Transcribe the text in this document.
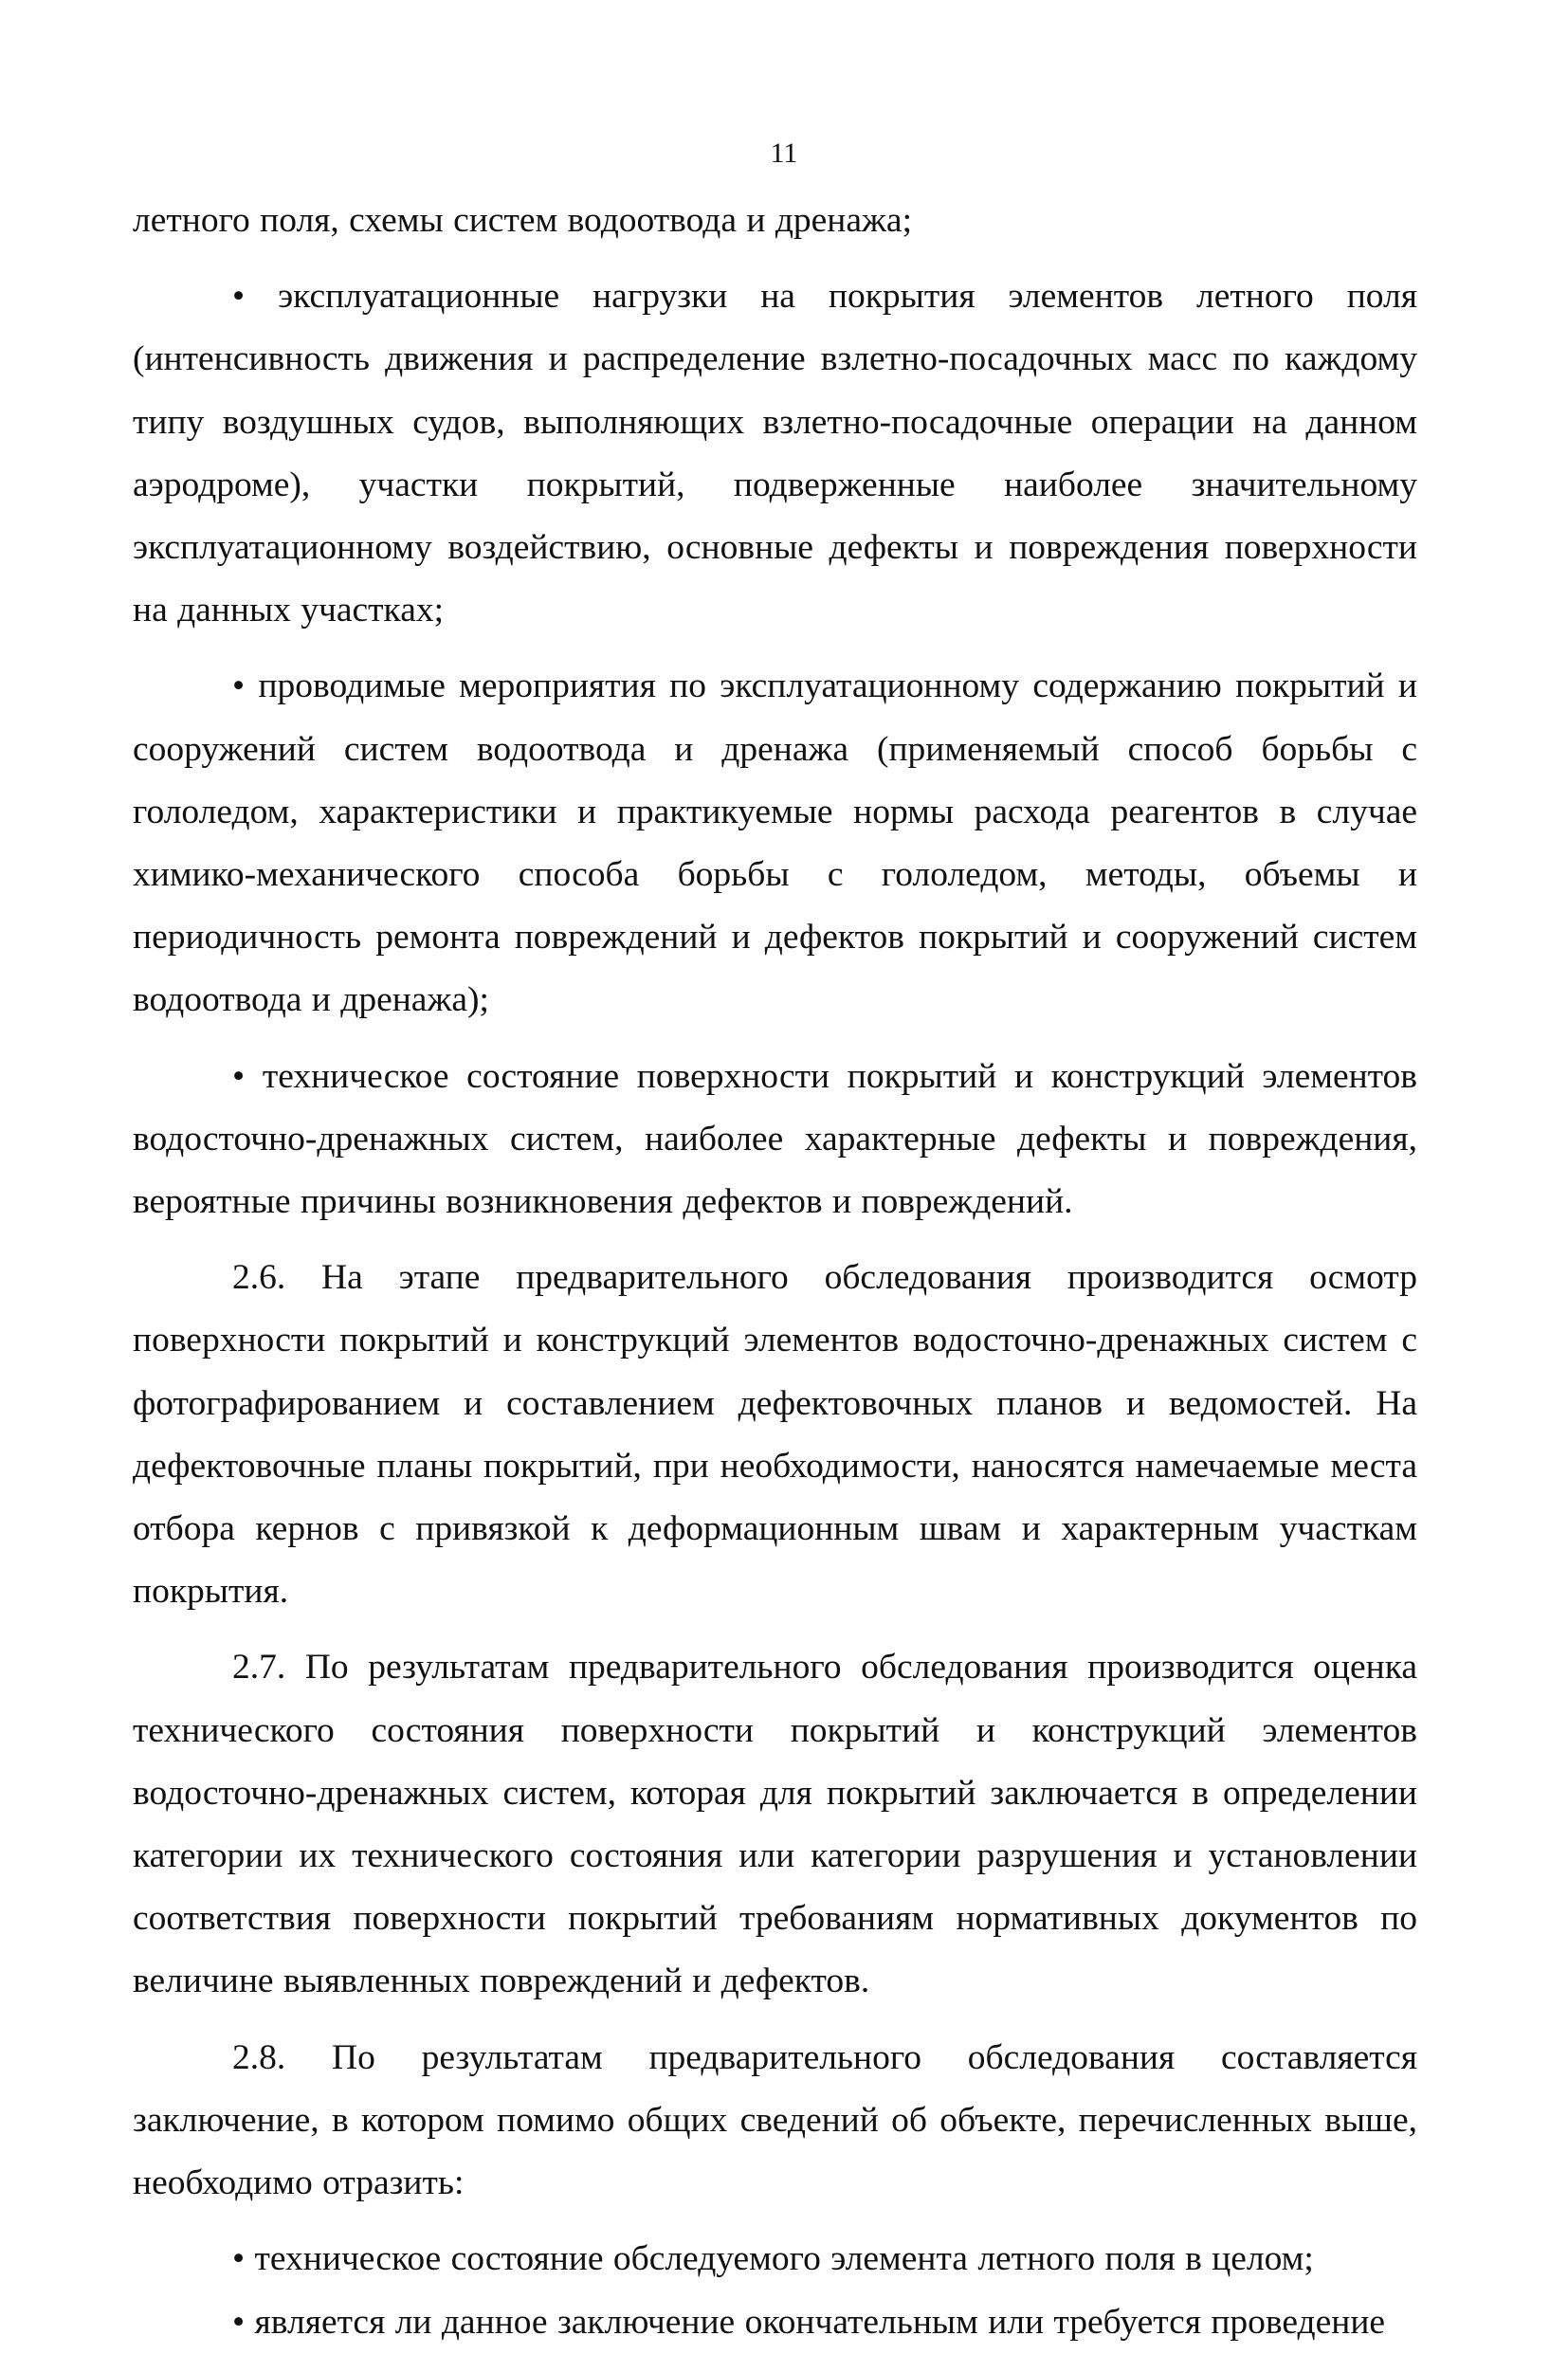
11

летного поля, схемы систем водоотвода и дренажа;

• эксплуатационные нагрузки на покрытия элементов летного поля (интенсивность движения и распределение взлетно-посадочных масс по каждому типу воздушных судов, выполняющих взлетно-посадочные операции на данном аэродроме), участки покрытий, подверженные наиболее значительному эксплуатационному воздействию, основные дефекты и повреждения поверхности на данных участках;

• проводимые мероприятия по эксплуатационному содержанию покрытий и сооружений систем водоотвода и дренажа (применяемый способ борьбы с гололедом, характеристики и практикуемые нормы расхода реагентов в случае химико-механического способа борьбы с гололедом, методы, объемы и периодичность ремонта повреждений и дефектов покрытий и сооружений систем водоотвода и дренажа);

• техническое состояние поверхности покрытий и конструкций элементов водосточно-дренажных систем, наиболее характерные дефекты и повреждения, вероятные причины возникновения дефектов и повреждений.

2.6. На этапе предварительного обследования производится осмотр поверхности покрытий и конструкций элементов водосточно-дренажных систем с фотографированием и составлением дефектовочных планов и ведомостей. На дефектовочные планы покрытий, при необходимости, наносятся намечаемые места отбора кернов с привязкой к деформационным швам и характерным участкам покрытия.

2.7. По результатам предварительного обследования производится оценка технического состояния поверхности покрытий и конструкций элементов водосточно-дренажных систем, которая для покрытий заключается в определении категории их технического состояния или категории разрушения и установлении соответствия поверхности покрытий требованиям нормативных документов по величине выявленных повреждений и дефектов.

2.8. По результатам предварительного обследования составляется заключение, в котором помимо общих сведений об объекте, перечисленных выше, необходимо отразить:

• техническое состояние обследуемого элемента летного поля в целом;

• является ли данное заключение окончательным или требуется проведение
